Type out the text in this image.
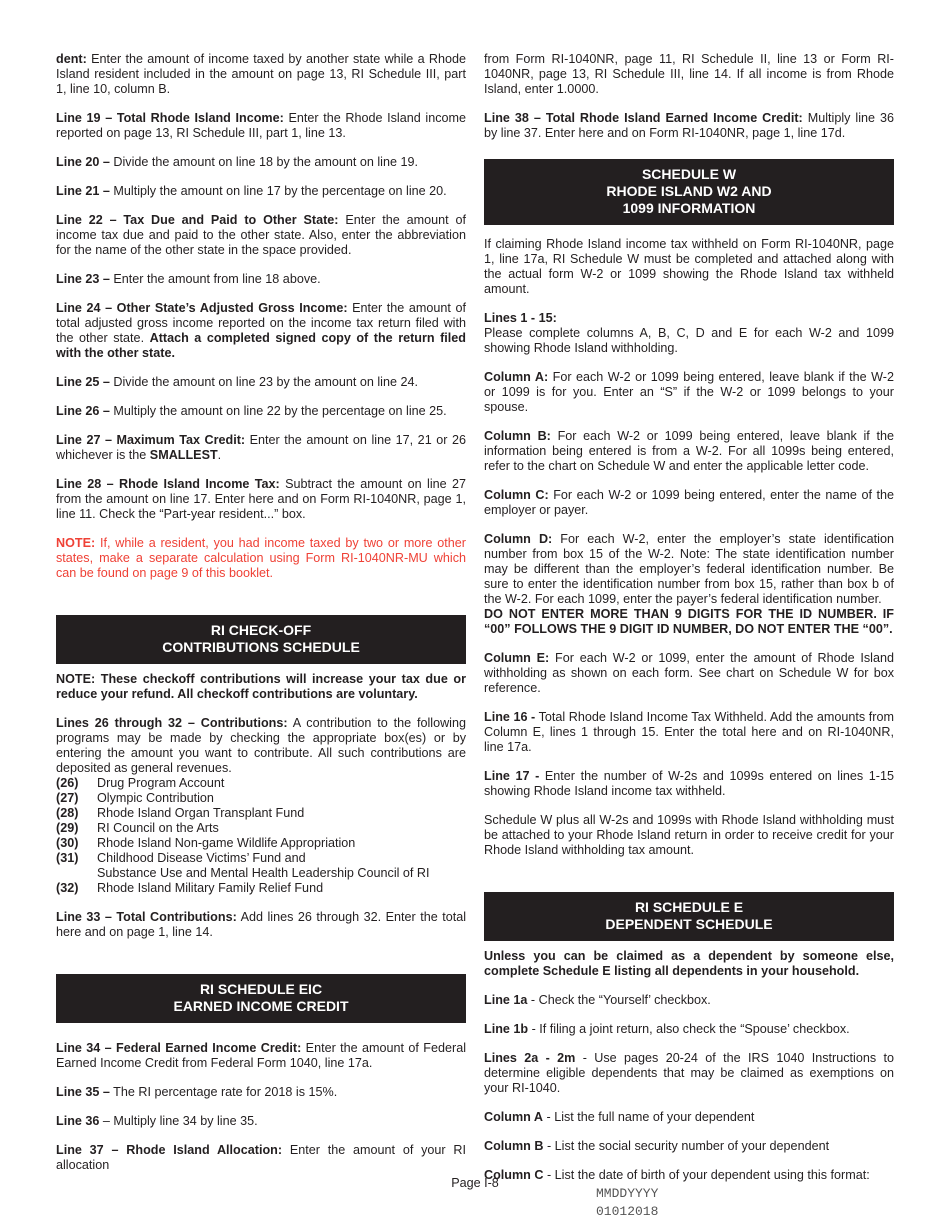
dent: Enter the amount of income taxed by another state while a Rhode Island resident included in the amount on page 13, RI Schedule III, part 1, line 10, column B.

Line 19 – Total Rhode Island Income: Enter the Rhode Island income reported on page 13, RI Schedule III, part 1, line 13.

Line 20 – Divide the amount on line 18 by the amount on line 19.

Line 21 – Multiply the amount on line 17 by the percentage on line 20.

Line 22 – Tax Due and Paid to Other State: Enter the amount of income tax due and paid to the other state. Also, enter the abbreviation for the name of the other state in the space provided.

Line 23 – Enter the amount from line 18 above.

Line 24 – Other State’s Adjusted Gross Income: Enter the amount of total adjusted gross income reported on the income tax return filed with the other state. Attach a completed signed copy of the return filed with the other state.

Line 25 – Divide the amount on line 23 by the amount on line 24.

Line 26 – Multiply the amount on line 22 by the percentage on line 25.

Line 27 – Maximum Tax Credit: Enter the amount on line 17, 21 or 26 whichever is the SMALLEST.

Line 28 – Rhode Island Income Tax: Subtract the amount on line 27 from the amount on line 17. Enter here and on Form RI-1040NR, page 1, line 11. Check the “Part-year resident...” box.

NOTE: If, while a resident, you had income taxed by two or more other states, make a separate calculation using Form RI-1040NR-MU which can be found on page 9 of this booklet.

RI CHECK-OFF
CONTRIBUTIONS SCHEDULE

NOTE: These checkoff contributions will increase your tax due or reduce your refund. All checkoff contributions are voluntary.

Lines 26 through 32 – Contributions: A contribution to the following programs may be made by checking the appropriate box(es) or by entering the amount you want to contribute. All such contributions are deposited as general revenues.

(26)	Drug Program Account
(27)	Olympic Contribution
(28)	Rhode Island Organ Transplant Fund
(29)	RI Council on the Arts
(30)	Rhode Island Non-game Wildlife Appropriation
(31)	Childhood Disease Victims’ Fund and
Substance Use and Mental Health Leadership Council of RI
(32)	Rhode Island Military Family Relief Fund

Line 33 – Total Contributions: Add lines 26 through 32. Enter the total here and on page 1, line 14.

RI SCHEDULE EIC
EARNED INCOME CREDIT

Line 34 – Federal Earned Income Credit: Enter the amount of Federal Earned Income Credit from Federal Form 1040, line 17a.

Line 35 – The RI percentage rate for 2018 is 15%.

Line 36 – Multiply line 34 by line 35.

Line 37 – Rhode Island Allocation: Enter the amount of your RI allocation

from Form RI-1040NR, page 11, RI Schedule II, line 13 or Form RI-1040NR, page 13, RI Schedule III, line 14. If all income is from Rhode Island, enter 1.0000.

Line 38 – Total Rhode Island Earned Income Credit: Multiply line 36 by line 37. Enter here and on Form RI-1040NR, page 1, line 17d.

SCHEDULE W
RHODE ISLAND W2 AND
1099 INFORMATION

If claiming Rhode Island income tax withheld on Form RI-1040NR, page 1, line 17a, RI Schedule W must be completed and attached along with the actual form W-2 or 1099 showing the Rhode Island tax withheld amount.

Lines 1 - 15:
Please complete columns A, B, C, D and E for each W-2 and 1099 showing Rhode Island withholding.

Column A: For each W-2 or 1099 being entered, leave blank if the W-2 or 1099 is for you. Enter an “S” if the W-2 or 1099 belongs to your spouse.

Column B: For each W-2 or 1099 being entered, leave blank if the information being entered is from a W-2. For all 1099s being entered, refer to the chart on Schedule W and enter the applicable letter code.

Column C: For each W-2 or 1099 being entered, enter the name of the employer or payer.

Column D: For each W-2, enter the employer’s state identification number from box 15 of the W-2. Note: The state identification number may be different than the employer’s federal identification number. Be sure to enter the identification number from box 15, rather than box b of the W-2. For each 1099, enter the payer’s federal identification number.
DO NOT ENTER MORE THAN 9 DIGITS FOR THE ID NUMBER. IF “00” FOLLOWS THE 9 DIGIT ID NUMBER, DO NOT ENTER THE “00”.

Column E: For each W-2 or 1099, enter the amount of Rhode Island withholding as shown on each form. See chart on Schedule W for box reference.

Line 16 - Total Rhode Island Income Tax Withheld. Add the amounts from Column E, lines 1 through 15. Enter the total here and on RI-1040NR, line 17a.

Line 17 - Enter the number of W-2s and 1099s entered on lines 1-15 showing Rhode Island income tax withheld.

Schedule W plus all W-2s and 1099s with Rhode Island withholding must be attached to your Rhode Island return in order to receive credit for your Rhode Island withholding tax amount.

RI SCHEDULE E
DEPENDENT SCHEDULE

Unless you can be claimed as a dependent by someone else, complete Schedule E listing all dependents in your household.

Line 1a - Check the “Yourself’ checkbox.

Line 1b - If filing a joint return, also check the “Spouse’ checkbox.

Lines 2a - 2m - Use pages 20-24 of the IRS 1040 Instructions to determine eligible dependents that may be claimed as exemptions on your RI-1040.

Column A - List the full name of your dependent

Column B - List the social security number of your dependent

Column C - List the date of birth of your dependent using this format:

MMDDYYYY
01012018
Page I-8
